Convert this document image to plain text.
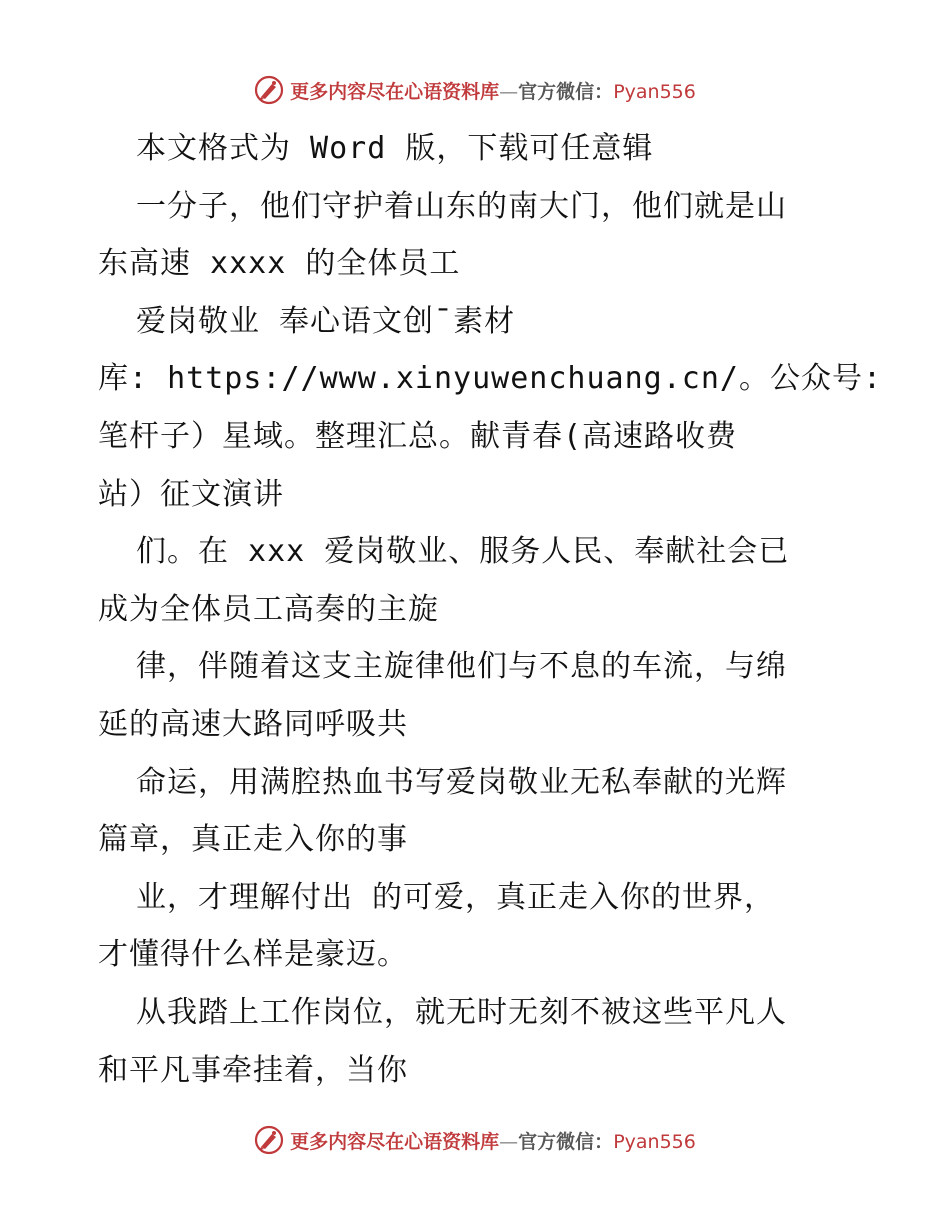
更多内容尽在心语资料库—官方微信：Pyan556
本文格式为 Word 版，下载可任意辑
一分子，他们守护着山东的南大门，他们就是山
东高速 xxxx 的全体员工
爱岗敬业 奉心语文创¯素材
库: https://www.xinyuwenchuang.cn/。公众号:
笔杆子）星域。整理汇总。献青春(高速路收费
站）征文演讲
们。在 xxx 爱岗敬业、服务人民、奉献社会已
成为全体员工高奏的主旋
律，伴随着这支主旋律他们与不息的车流，与绵
延的高速大路同呼吸共
命运，用满腔热血书写爱岗敬业无私奉献的光辉
篇章，真正走入你的事
业，才理解付出 的可爱，真正走入你的世界，
才懂得什么样是豪迈。
从我踏上工作岗位，就无时无刻不被这些平凡人
和平凡事牵挂着，当你
更多内容尽在心语资料库—官方微信：Pyan556
